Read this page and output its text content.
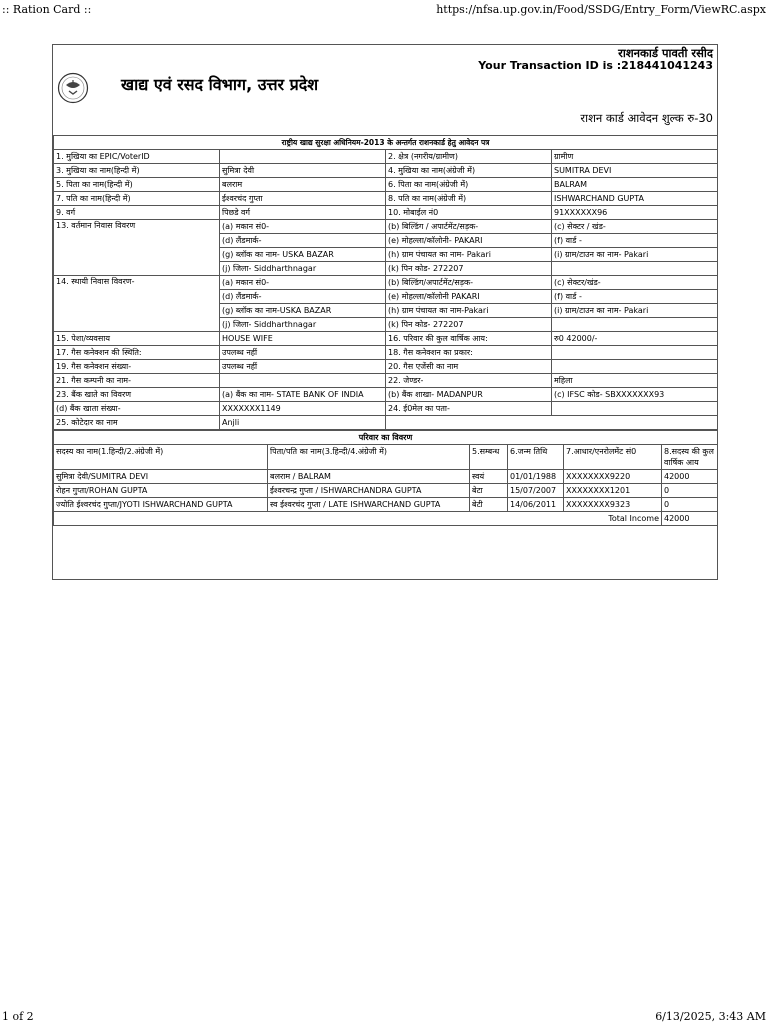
:: Ration Card ::	https://nfsa.up.gov.in/Food/SSDG/Entry_Form/ViewRC.aspx
राशनकार्ड पावती रसीद
Your Transaction ID is :218441041243
खाद्य एवं रसद विभाग, उत्तर प्रदेश
राशन कार्ड आवेदन शुल्क रु-30
राष्ट्रीय खाद्य सुरक्षा अधिनियम-2013 के अन्तर्गत राशनकार्ड हेतु आवेदन पत्र			
1. मुखिया का EPIC/VoterID		2. क्षेत्र (नगरीय/ग्रामीण)	ग्रामीण
3. मुखिया का नाम(हिन्दी में)	सुमित्रा देवी	4. मुखिया का नाम(अंग्रेजी में)	SUMITRA DEVI
5. पिता का नाम(हिन्दी में)	बलराम	6. पिता का नाम(अंग्रेजी में)	BALRAM
7. पति का नाम(हिन्दी में)	ईश्वरचंद गुप्ता	8. पति का नाम(अंग्रेजी में)	ISHWARCHAND GUPTA
9. वर्ग	पिछडे वर्ग	10. मोबाईल नं0	91XXXXXX96
13. वर्तमान निवास विवरण	(a) मकान सं0-	(b) बिल्डिंग / अपार्टमेंट/सड़क-	(c) सेक्टर / खंड-
	(d) लैंडमार्क-	(e) मोहल्ला/कॉलोनी- PAKARI	(f) वार्ड -
	(g) ब्लॉक का नाम- USKA BAZAR	(h) ग्राम पंचायत का नाम- Pakari	(i) ग्राम/टाउन का नाम- Pakari
	(j) जिला- Siddharthnagar	(k) पिन कोड- 272207	
14. स्थायी निवास विवरण-	(a) मकान सं0-	(b) बिल्डिंग/अपार्टमेंट/सड़क-	(c) सेक्टर/खंड-
	(d) लैंडमार्क-	(e) मोहल्ला/कॉलोनी PAKARI	(f) वार्ड -
	(g) ब्लॉक का नाम-USKA BAZAR	(h) ग्राम पंचायत का नाम-Pakari	(i) ग्राम/टाउन का नाम- Pakari
	(j) जिला- Siddharthnagar	(k) पिन कोड- 272207	
15. पेशा/व्यवसाय	HOUSE WIFE	16. परिवार की कुल वार्षिक आय:	रु0 42000/-
17. गैस कनेक्शन की स्थिति:	उपलब्ध नहीं	18. गैस कनेक्शन का प्रकार:	
19. गैस कनेक्शन संख्या-	उपलब्ध नहीं	20. गैस एजेंसी का नाम	
21. गैस कम्पनी का नाम-		22. जेण्डर-	महिला
23. बैंक खाते का विवरण	(a) बैंक का नाम- STATE BANK OF INDIA	(b) बैंक शाखा- MADANPUR	(c) IFSC कोड- SBXXXXXXX93
(d) बैंक खाता संख्या-	XXXXXXX1149	24. ई0मेल का पता-	
25. कोटेदार का नाम	Anjli		
परिवार का विवरण					
सदस्य का नाम(1.हिन्दी/2.अंग्रेजी में)	पिता/पति का नाम(3.हिन्दी/4.अंग्रेजी में)	5.सम्बन्ध	6.जन्म तिथि	7.आधार/एनरोलमेंट सं0	8.सदस्य की कुल वार्षिक आय
सुमित्रा देवी/SUMITRA DEVI	बलराम / BALRAM	स्वयं	01/01/1988	XXXXXXXX9220	42000
रोहन गुप्ता/ROHAN GUPTA	ईश्वरचन्द्र गुप्ता / ISHWARCHANDRA GUPTA	बेटा	15/07/2007	XXXXXXXX1201	0
ज्योति ईश्वरचंद गुप्ता/JYOTI ISHWARCHAND GUPTA	स्व ईश्वरचंद गुप्ता / LATE ISHWARCHAND GUPTA	बेटी	14/06/2011	XXXXXXXX9323	0
Total Income					42000
1 of 2	6/13/2025, 3:43 AM
